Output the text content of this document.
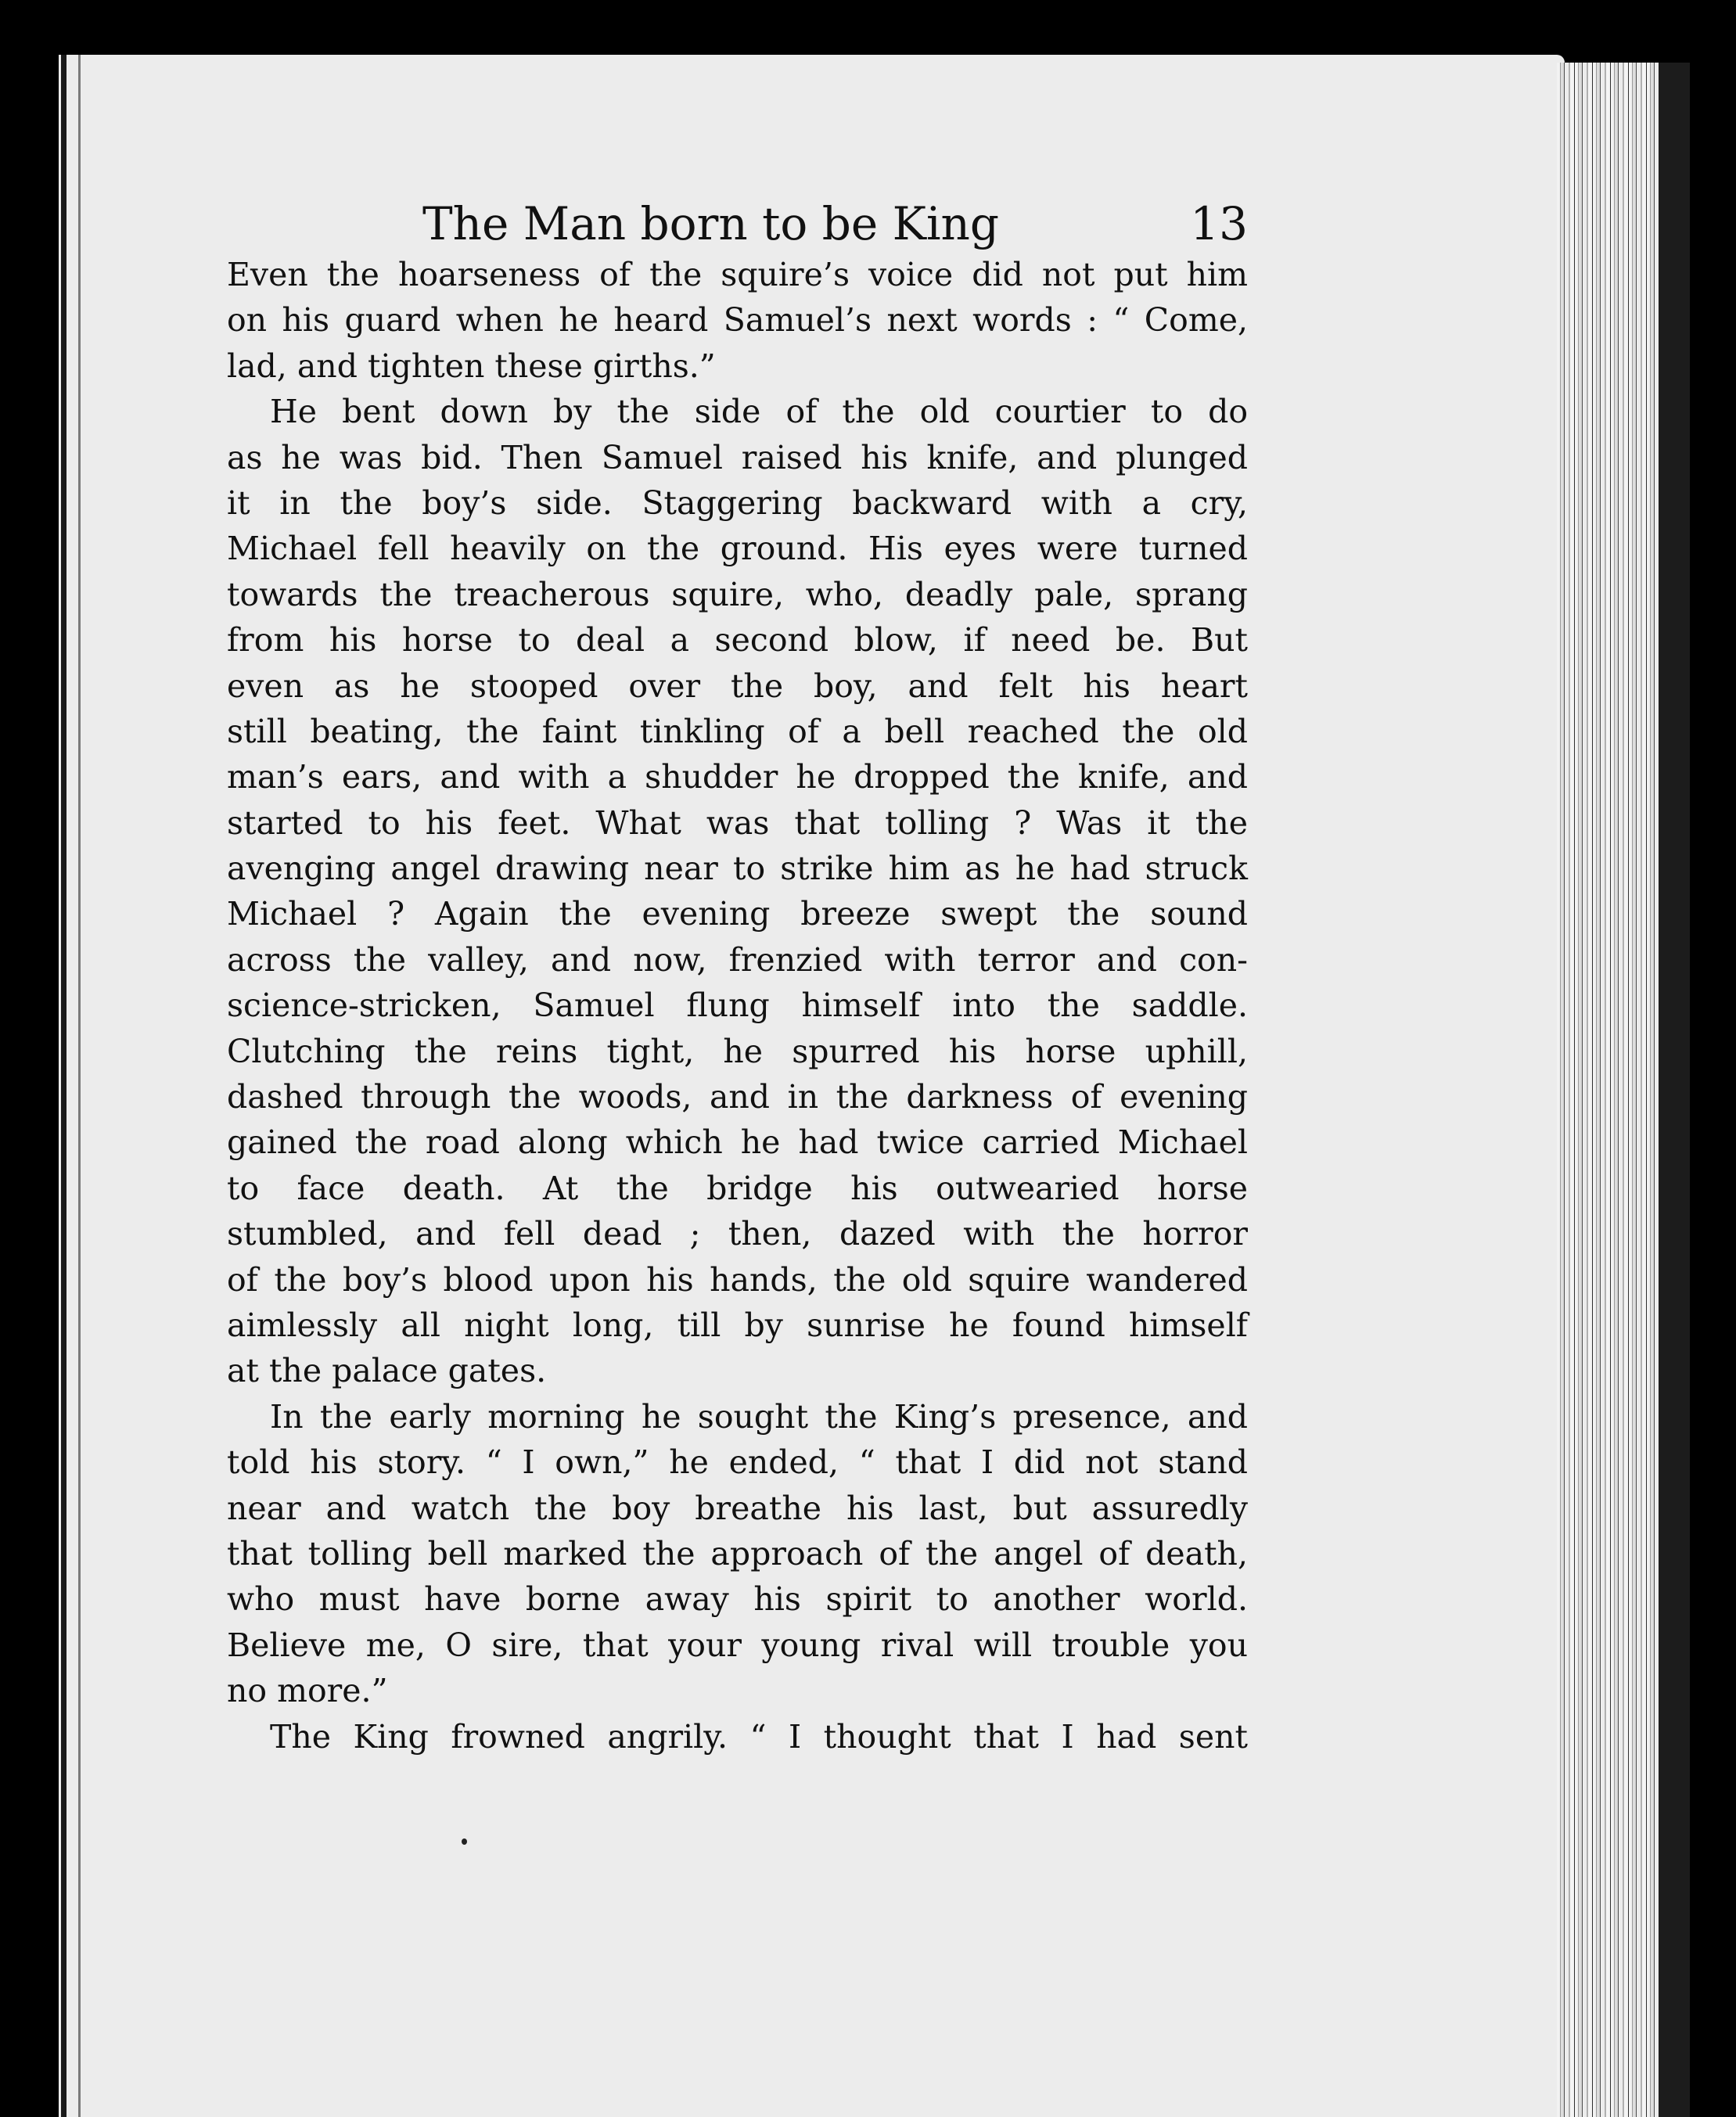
The Man born to be King	13
Even the hoarseness of the squire’s voice did not put him
on his guard when he heard Samuel’s next words : “ Come,
lad, and tighten these girths.”
He bent down by the side of the old courtier to do
as he was bid. Then Samuel raised his knife, and plunged
it in the boy’s side. Staggering backward with a cry,
Michael fell heavily on the ground. His eyes were turned
towards the treacherous squire, who, deadly pale, sprang
from his horse to deal a second blow, if need be. But
even as he stooped over the boy, and felt his heart
still beating, the faint tinkling of a bell reached the old
man’s ears, and with a shudder he dropped the knife, and
started to his feet. What was that tolling ? Was it the
avenging angel drawing near to strike him as he had struck
Michael ? Again the evening breeze swept the sound
across the valley, and now, frenzied with terror and con-
science-stricken, Samuel flung himself into the saddle.
Clutching the reins tight, he spurred his horse uphill,
dashed through the woods, and in the darkness of evening
gained the road along which he had twice carried Michael
to face death. At the bridge his outwearied horse
stumbled, and fell dead ; then, dazed with the horror
of the boy’s blood upon his hands, the old squire wandered
aimlessly all night long, till by sunrise he found himself
at the palace gates.
In the early morning he sought the King’s presence, and
told his story. “ I own,” he ended, “ that I did not stand
near and watch the boy breathe his last, but assuredly
that tolling bell marked the approach of the angel of death,
who must have borne away his spirit to another world.
Believe me, O sire, that your young rival will trouble you
no more.”
The King frowned angrily. “ I thought that I had sent
